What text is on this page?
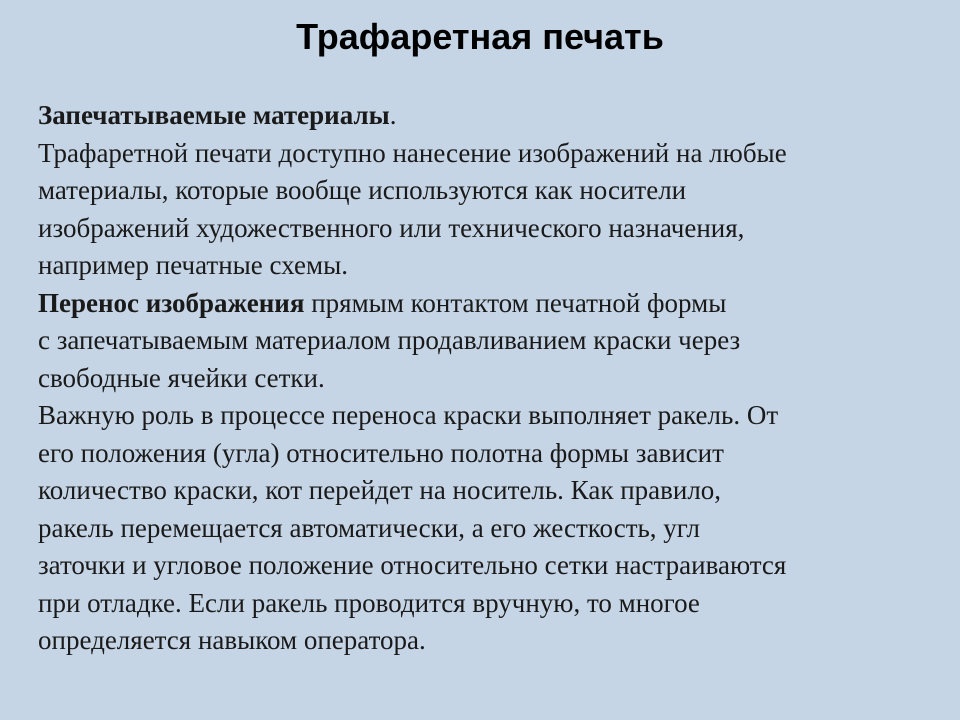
Трафаретная печать

Запечатываемые материалы.

Трафаретной печати доступно нанесение изображений на любые

материалы, которые вообще используются как носители

изображений художественного или технического назначения,

например печатные схемы.

Перенос изображения прямым контактом печатной формы

с запечатываемым материалом продавливанием краски через

свободные ячейки сетки.

Важную роль в процессе переноса краски выполняет ракель. От

его положения (угла) относительно полотна формы зависит

количество краски, кот перейдет на носитель. Как правило,

ракель перемещается автоматически, а его жесткость, угл

заточки и угловое положение относительно сетки настраиваются

при отладке. Если ракель проводится вручную, то многое

определяется навыком оператора.
